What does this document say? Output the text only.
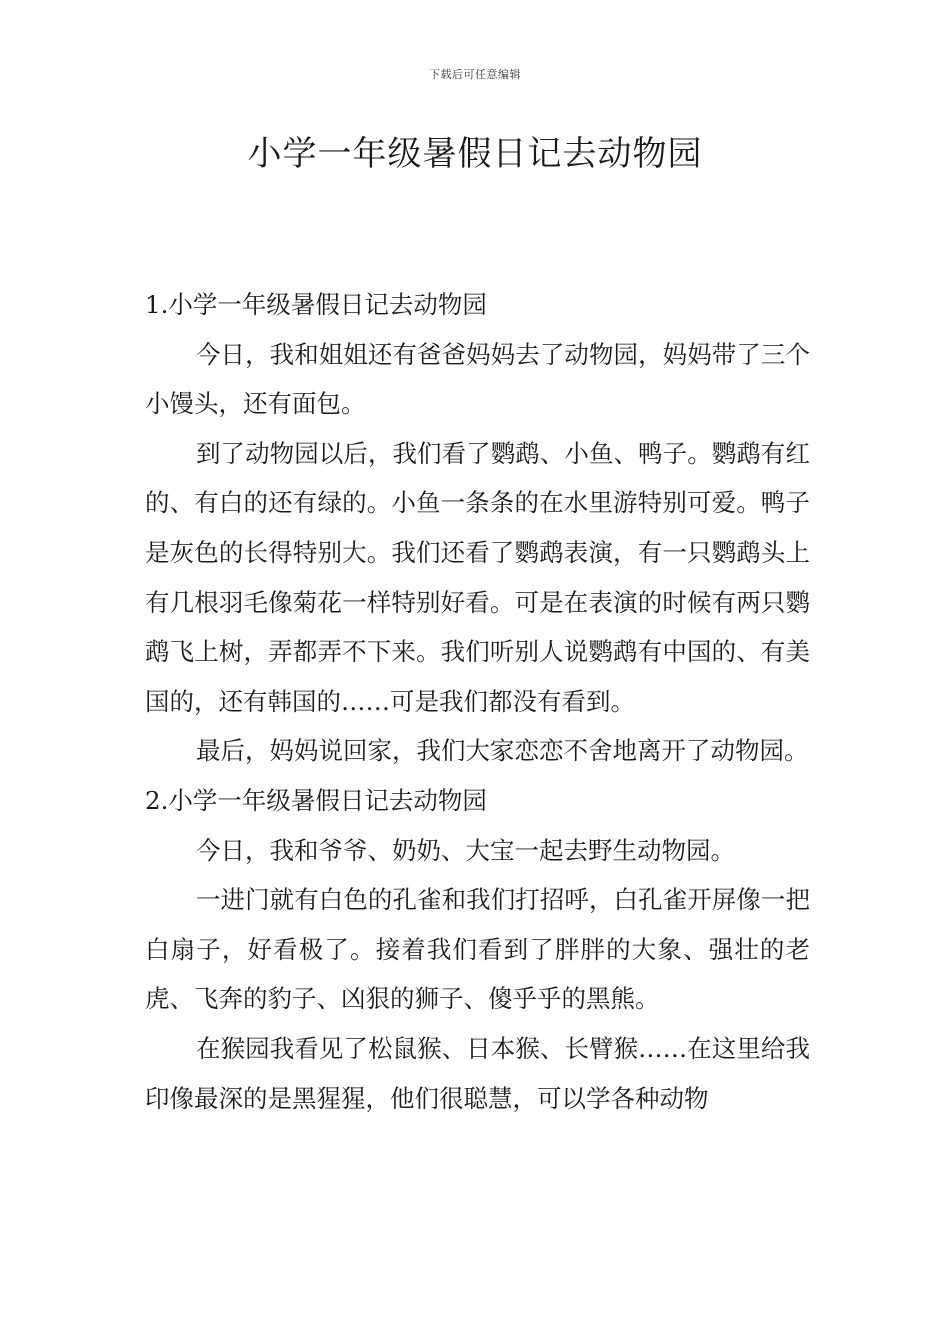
下载后可任意编辑
小学一年级暑假日记去动物园

1.小学一年级暑假日记去动物园

今日，我和姐姐还有爸爸妈妈去了动物园，妈妈带了三个小馒头，还有面包。

到了动物园以后，我们看了鹦鹉、小鱼、鸭子。鹦鹉有红的、有白的还有绿的。小鱼一条条的在水里游特别可爱。鸭子是灰色的长得特别大。我们还看了鹦鹉表演，有一只鹦鹉头上有几根羽毛像菊花一样特别好看。可是在表演的时候有两只鹦鹉飞上树，弄都弄不下来。我们听别人说鹦鹉有中国的、有美国的，还有韩国的……可是我们都没有看到。

最后，妈妈说回家，我们大家恋恋不舍地离开了动物园。

2.小学一年级暑假日记去动物园

今日，我和爷爷、奶奶、大宝一起去野生动物园。

一进门就有白色的孔雀和我们打招呼，白孔雀开屏像一把白扇子，好看极了。接着我们看到了胖胖的大象、强壮的老虎、飞奔的豹子、凶狠的狮子、傻乎乎的黑熊。

在猴园我看见了松鼠猴、日本猴、长臂猴……在这里给我印像最深的是黑猩猩，他们很聪慧，可以学各种动物
